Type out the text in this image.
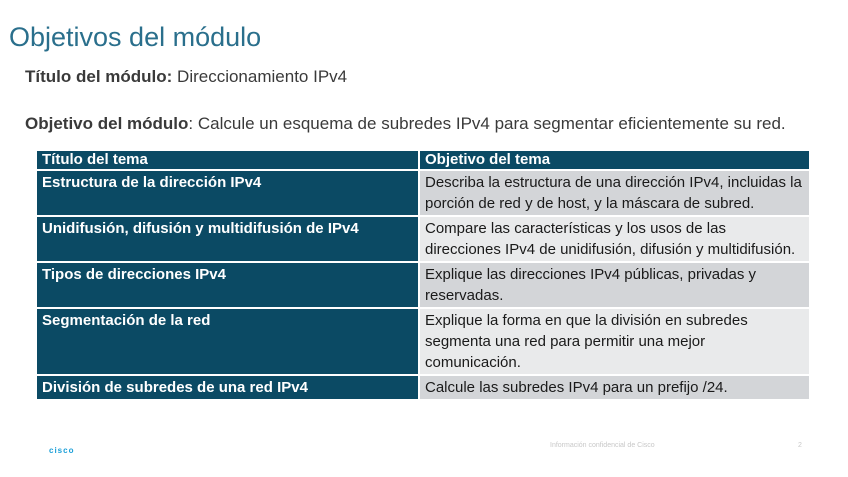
Objetivos del módulo
Título del módulo: Direccionamiento IPv4
Objetivo del módulo: Calcule un esquema de subredes IPv4 para segmentar eficientemente su red.
Título del tema	Objetivo del tema
Estructura de la dirección IPv4	Describa la estructura de una dirección IPv4, incluidas la porción de red y de host, y la máscara de subred.
Unidifusión, difusión y multidifusión de IPv4	Compare las características y los usos de las direcciones IPv4 de unidifusión, difusión y multidifusión.
Tipos de direcciones IPv4	Explique las direcciones IPv4 públicas, privadas y reservadas.
Segmentación de la red	Explique la forma en que la división en subredes segmenta una red para permitir una mejor comunicación.
División de subredes de una red IPv4	Calcule las subredes IPv4 para un prefijo /24.
cisco
Información confidencial de Cisco	2
